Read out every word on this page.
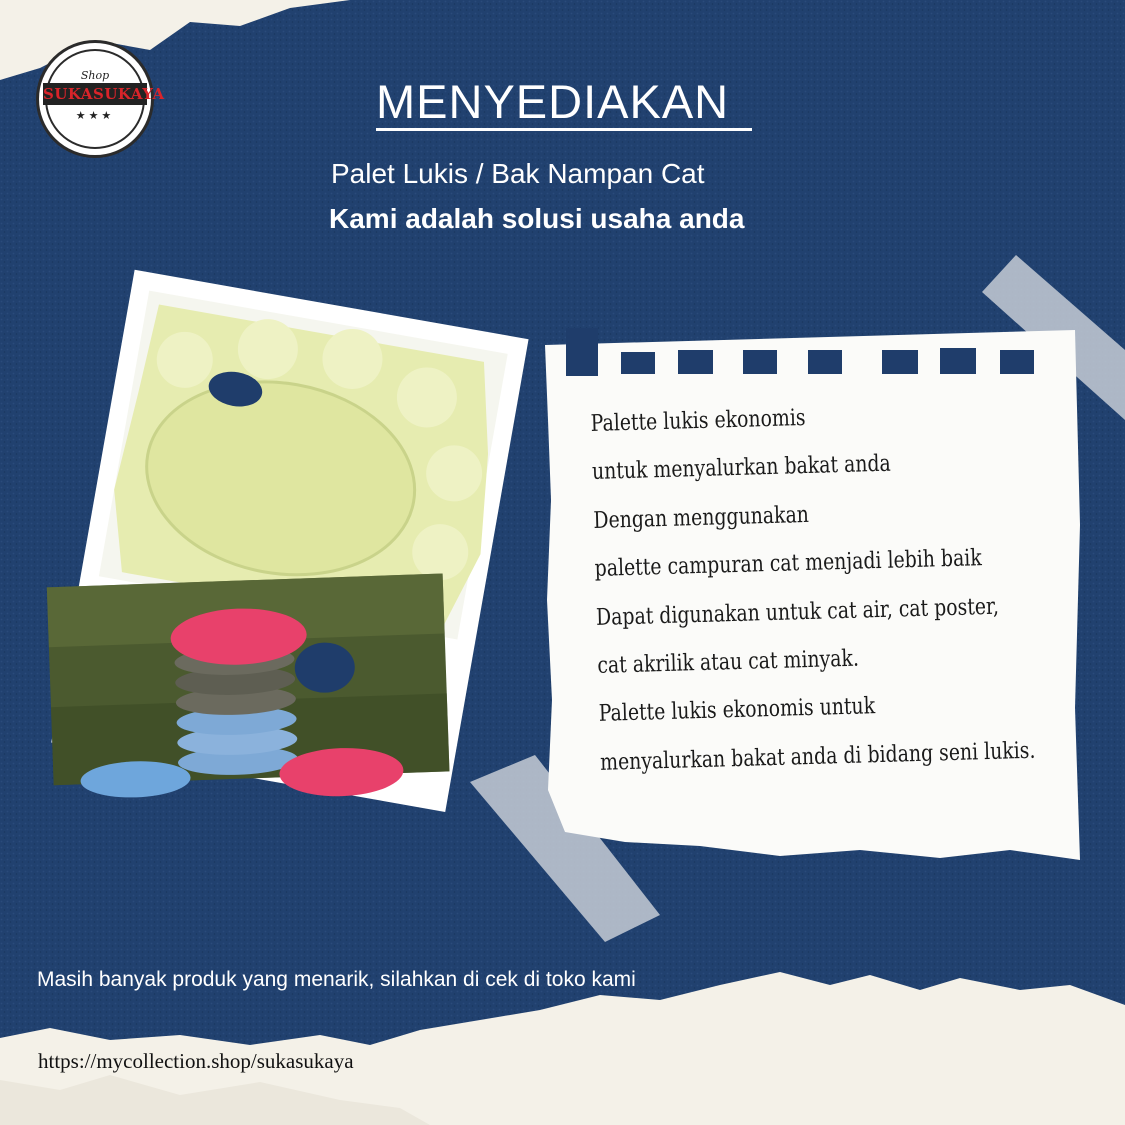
Shop
SUKASUKAYA
★★★	MENYEDIAKAN
Palet Lukis / Bak Nampan Cat
Kami adalah solusi usaha anda
Palette lukis ekonomis
untuk menyalurkan bakat anda
Dengan menggunakan
palette campuran cat menjadi lebih baik
Dapat digunakan untuk cat air, cat poster,
cat akrilik atau cat minyak.
Palette lukis ekonomis untuk
menyalurkan bakat anda di bidang seni lukis.
Masih banyak produk yang menarik, silahkan di cek di toko kami
https://mycollection.shop/sukasukaya
